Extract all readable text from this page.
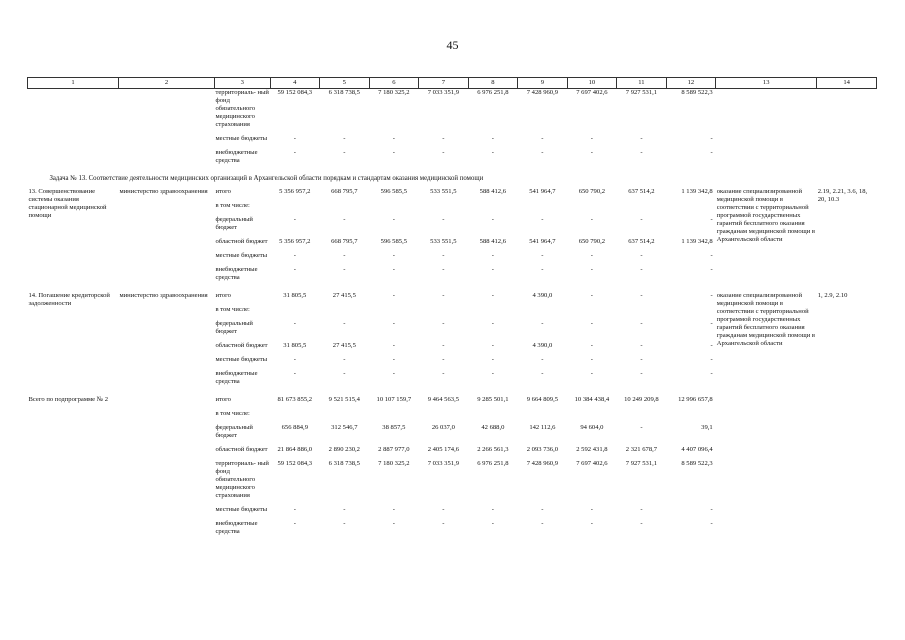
45
1	2	3	4	5	6	7	8	9	10	11	12	13	14
		территориаль- ный фонд обязательного медицинского страхования	59 152 084,3	6 318 738,5	7 180 325,2	7 033 351,9	6 976 251,8	7 428 960,9	7 697 402,6	7 927 531,1	8 589 522,3		
		местные бюджеты	-	-	-	-	-	-	-	-	-		
		внебюджетные средства	-	-	-	-	-	-	-	-	-		
Задача № 13. Соответствие деятельности медицинских организаций в Архангельской области порядкам и стандартам оказания медицинской помощи													
13. Совершенствование системы оказания стационарной медицинской помощи	министерство здравоохранения	итого	5 356 957,2	668 795,7	596 585,5	533 551,5	588 412,6	541 964,7	650 790,2	637 514,2	1 139 342,8	оказание специализированной медицинской помощи в соответствии с территориальной программой государственных гарантий бесплатного оказания гражданам медицинской помощи в Архангельской области	2.19, 2.21, 3.6, 18, 20, 10.3
		в том числе:											
		федеральный бюджет	-	-	-	-	-	-	-	-	-		
		областной бюджет	5 356 957,2	668 795,7	596 585,5	533 551,5	588 412,6	541 964,7	650 790,2	637 514,2	1 139 342,8		
		местные бюджеты	-	-	-	-	-	-	-	-	-		
		внебюджетные средства	-	-	-	-	-	-	-	-	-		
14. Погашение кредиторской задолженности	министерство здравоохранения	итого	31 805,5	27 415,5	-	-	-	4 390,0	-	-	-	оказание специализированной медицинской помощи в соответствии с территориальной программой государственных гарантий бесплатного оказания гражданам медицинской помощи в Архангельской области	1, 2.9, 2.10
		в том числе:											
		федеральный бюджет	-	-	-	-	-	-	-	-	-		
		областной бюджет	31 805,5	27 415,5	-	-	-	4 390,0	-	-	-		
		местные бюджеты	-	-	-	-	-	-	-	-	-		
		внебюджетные средства	-	-	-	-	-	-	-	-	-		
Всего по подпрограмме № 2		итого	81 673 855,2	9 521 515,4	10 107 159,7	9 464 563,5	9 285 501,1	9 664 809,5	10 384 438,4	10 249 209,8	12 996 657,8		
		в том числе:											
		федеральный бюджет	656 884,9	312 546,7	38 857,5	26 037,0	42 688,0	142 112,6	94 604,0	-	39,1		
		областной бюджет	21 864 886,0	2 890 230,2	2 887 977,0	2 405 174,6	2 266 561,3	2 093 736,0	2 592 431,8	2 321 678,7	4 407 096,4		
		территориаль- ный фонд обязательного медицинского страхования	59 152 084,3	6 318 738,5	7 180 325,2	7 033 351,9	6 976 251,8	7 428 960,9	7 697 402,6	7 927 531,1	8 589 522,3		
		местные бюджеты	-	-	-	-	-	-	-	-	-		
		внебюджетные средства	-	-	-	-	-	-	-	-	-		
